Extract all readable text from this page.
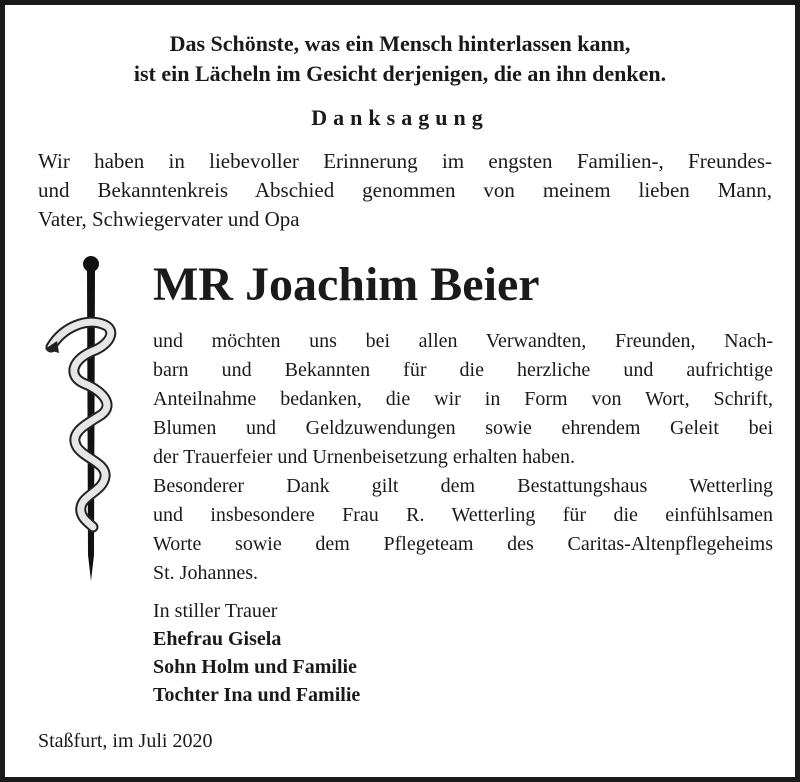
Das Schönste, was ein Mensch hinterlassen kann,
ist ein Lächeln im Gesicht derjenigen, die an ihn denken.
Danksagung
Wir haben in liebevoller Erinnerung im engsten Familien-, Freundes-
und Bekanntenkreis Abschied genommen von meinem lieben Mann,
Vater, Schwiegervater und Opa
MR Joachim Beier
und möchten uns bei allen Verwandten, Freunden, Nach-
barn und Bekannten für die herzliche und aufrichtige
Anteilnahme bedanken, die wir in Form von Wort, Schrift,
Blumen und Geldzuwendungen sowie ehrendem Geleit bei
der Trauerfeier und Urnenbeisetzung erhalten haben.
Besonderer Dank gilt dem Bestattungshaus Wetterling
und insbesondere Frau R. Wetterling für die einfühlsamen
Worte sowie dem Pflegeteam des Caritas-Altenpflegeheims
St. Johannes.
In stiller Trauer
Ehefrau Gisela
Sohn Holm und Familie
Tochter Ina und Familie
Staßfurt, im Juli 2020
